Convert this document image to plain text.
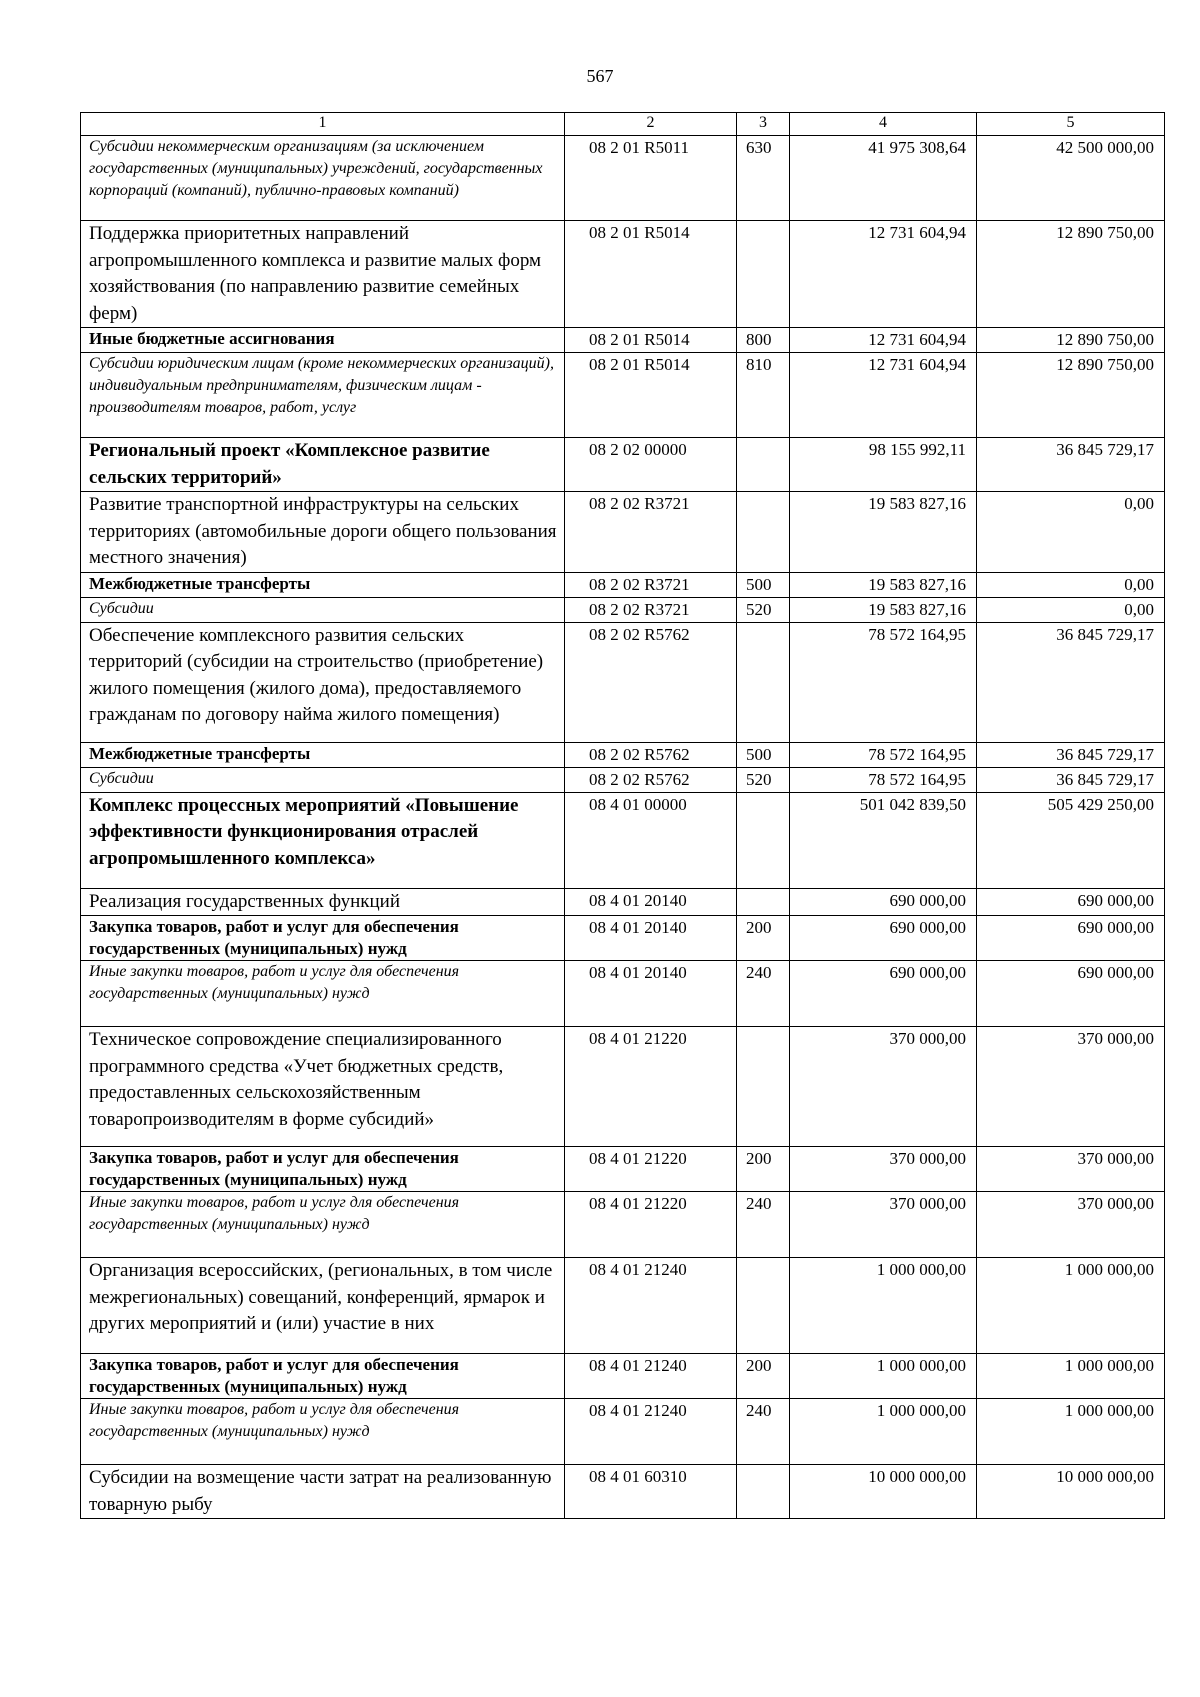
567
1	2	3	4	5
Субсидии некоммерческим организациям (за исключением государственных (муниципальных) учреждений, государственных корпораций (компаний), публично-правовых компаний)	08 2 01 R5011	630	41 975 308,64	42 500 000,00
Поддержка приоритетных направлений агропромышленного комплекса и развитие малых форм хозяйствования (по направлению развитие семейных ферм)	08 2 01 R5014		12 731 604,94	12 890 750,00
Иные бюджетные ассигнования	08 2 01 R5014	800	12 731 604,94	12 890 750,00
Субсидии юридическим лицам (кроме некоммерческих организаций), индивидуальным предпринимателям, физическим лицам - производителям товаров, работ, услуг	08 2 01 R5014	810	12 731 604,94	12 890 750,00
Региональный проект «Комплексное развитие сельских территорий»	08 2 02 00000		98 155 992,11	36 845 729,17
Развитие транспортной инфраструктуры на сельских территориях (автомобильные дороги общего пользования местного значения)	08 2 02 R3721		19 583 827,16	0,00
Межбюджетные трансферты	08 2 02 R3721	500	19 583 827,16	0,00
Субсидии	08 2 02 R3721	520	19 583 827,16	0,00
Обеспечение комплексного развития сельских территорий (субсидии на строительство (приобретение) жилого помещения (жилого дома), предоставляемого гражданам по договору найма жилого помещения)	08 2 02 R5762		78 572 164,95	36 845 729,17
Межбюджетные трансферты	08 2 02 R5762	500	78 572 164,95	36 845 729,17
Субсидии	08 2 02 R5762	520	78 572 164,95	36 845 729,17
Комплекс процессных мероприятий «Повышение эффективности функционирования отраслей агропромышленного комплекса»	08 4 01 00000		501 042 839,50	505 429 250,00
Реализация государственных функций	08 4 01 20140		690 000,00	690 000,00
Закупка товаров, работ и услуг для обеспечения государственных (муниципальных) нужд	08 4 01 20140	200	690 000,00	690 000,00
Иные закупки товаров, работ и услуг для обеспечения государственных (муниципальных) нужд	08 4 01 20140	240	690 000,00	690 000,00
Техническое сопровождение специализированного программного средства «Учет бюджетных средств, предоставленных сельскохозяйственным товаропроизводителям в форме субсидий»	08 4 01 21220		370 000,00	370 000,00
Закупка товаров, работ и услуг для обеспечения государственных (муниципальных) нужд	08 4 01 21220	200	370 000,00	370 000,00
Иные закупки товаров, работ и услуг для обеспечения государственных (муниципальных) нужд	08 4 01 21220	240	370 000,00	370 000,00
Организация всероссийских, (региональных, в том числе межрегиональных) совещаний, конференций, ярмарок и других мероприятий и (или) участие в них	08 4 01 21240		1 000 000,00	1 000 000,00
Закупка товаров, работ и услуг для обеспечения государственных (муниципальных) нужд	08 4 01 21240	200	1 000 000,00	1 000 000,00
Иные закупки товаров, работ и услуг для обеспечения государственных (муниципальных) нужд	08 4 01 21240	240	1 000 000,00	1 000 000,00
Субсидии на возмещение части затрат на реализованную товарную рыбу	08 4 01 60310		10 000 000,00	10 000 000,00
